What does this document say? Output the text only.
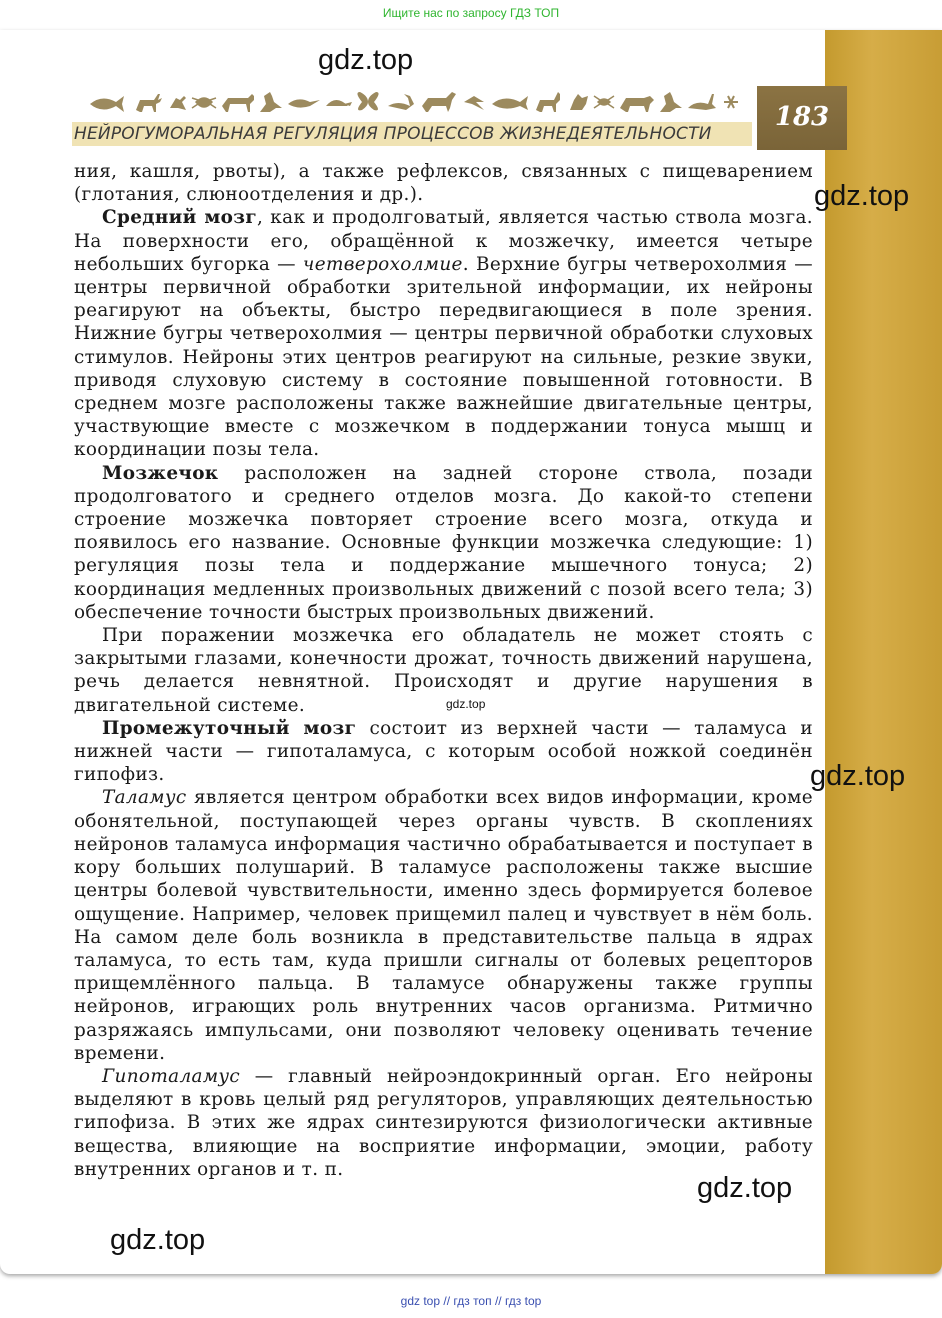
Ищите нас по запросу ГДЗ ТОП
183
НЕЙРОГУМОРАЛЬНАЯ РЕГУЛЯЦИЯ ПРОЦЕССОВ ЖИЗНЕДЕЯТЕЛЬНОСТИ

ния, кашля, рвоты), а также рефлексов, связанных с пищеварением (глотания, слюноотделения и др.).

Средний мозг, как и продолговатый, является частью ствола мозга. На поверхности его, обращённой к мозжечку, имеется четыре небольших бугорка — четверохолмие. Верхние бугры четверохолмия — центры первичной обработки зрительной информации, их нейроны реагируют на объекты, быстро передвигающиеся в поле зрения. Нижние бугры четверохолмия — центры первичной обработки слуховых стимулов. Нейроны этих центров реагируют на сильные, резкие звуки, приводя слуховую систему в состояние повышенной готовности. В среднем мозге расположены также важнейшие двигательные центры, участвующие вместе с мозжечком в поддержании тонуса мышц и координации позы тела.

Мозжечок расположен на задней стороне ствола, позади продолговатого и среднего отделов мозга. До какой-то степени строение мозжечка повторяет строение всего мозга, откуда и появилось его название. Основные функции мозжечка следующие: 1) регуляция позы тела и поддержание мышечного тонуса; 2) координация медленных произвольных движений с позой всего тела; 3) обеспечение точности быстрых произвольных движений.

При поражении мозжечка его обладатель не может стоять с закрытыми глазами, конечности дрожат, точность движений нарушена, речь делается невнятной. Происходят и другие нарушения в двигательной системе.

Промежуточный мозг состоит из верхней части — таламуса и нижней части — гипоталамуса, с которым особой ножкой соединён гипофиз.

Таламус является центром обработки всех видов информации, кроме обонятельной, поступающей через органы чувств. В скоплениях нейронов таламуса информация частично обрабатывается и поступает в кору больших полушарий. В таламусе расположены также высшие центры болевой чувствительности, именно здесь формируется болевое ощущение. Например, человек прищемил палец и чувствует в нём боль. На самом деле боль возникла в представительстве пальца в ядрах таламуса, то есть там, куда пришли сигналы от болевых рецепторов прищемлённого пальца. В таламусе обнаружены также группы нейронов, играющих роль внутренних часов организма. Ритмично разряжаясь импульсами, они позволяют человеку оценивать течение времени.

Гипоталамус — главный нейроэндокринный орган. Его нейроны выделяют в кровь целый ряд регуляторов, управляющих деятельностью гипофиза. В этих же ядрах синтезируются физиологически активные вещества, влияющие на восприятие информации, эмоции, работу внутренних органов и т. п.

gdz.top
gdz.top
gdz.top
gdz.top
gdz.top
gdz.top
gdz top // гдз топ // гдз top
